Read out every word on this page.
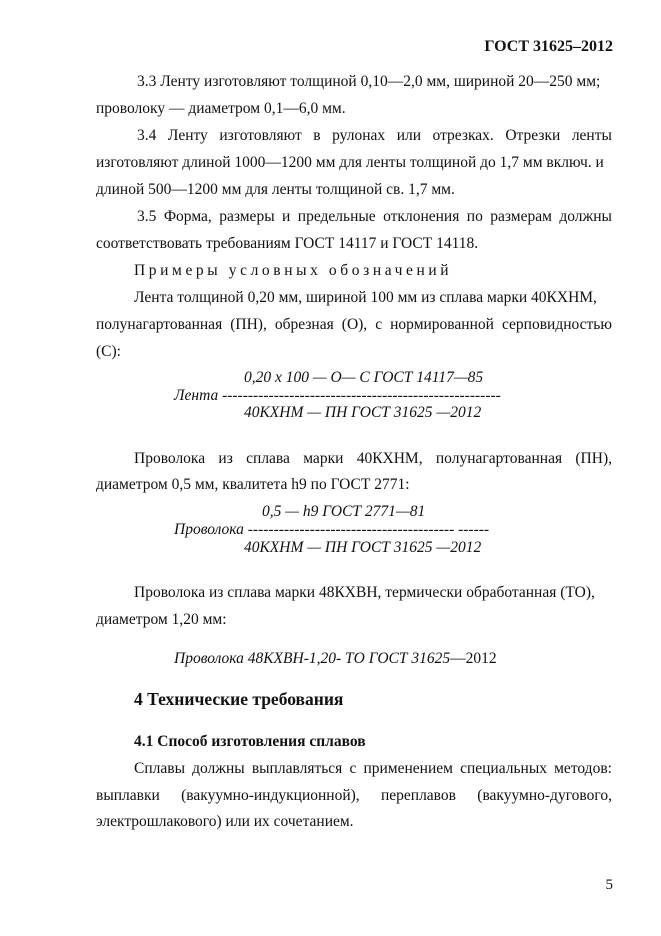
ГОСТ 31625–2012
3.3 Ленту изготовляют толщиной 0,10—2,0 мм, шириной 20—250 мм;
проволоку — диаметром 0,1—6,0 мм.
3.4 Ленту изготовляют в рулонах или отрезках. Отрезки ленты
изготовляют длиной 1000—1200 мм для ленты толщиной до 1,7 мм включ. и
длиной 500—1200 мм для ленты толщиной св. 1,7 мм.
3.5 Форма, размеры и предельные отклонения по размерам должны
соответствовать требованиям ГОСТ 14117 и ГОСТ 14118.
Примеры условных обозначений
Лента толщиной 0,20 мм, шириной 100 мм из сплава марки 40КХНМ,
полунагартованная (ПН), обрезная (О), с нормированной серповидностью
(С):
0,20 х 100 — О— С ГОСТ 14117—85
Лента ------------------------------------------------------
40КХНМ — ПН ГОСТ 31625 —2012
Проволока из сплава марки 40КХНМ, полунагартованная (ПН),
диаметром 0,5 мм, квалитета h9 по ГОСТ 2771:
0,5 — h9 ГОСТ 2771—81
Проволока ---------------------------------------- ------
40КХНМ — ПН ГОСТ 31625 —2012
Проволока из сплава марки 48КХВН, термически обработанная (ТО),
диаметром 1,20 мм:
Проволока 48КХВН-1,20- ТО ГОСТ 31625—2012
4 Технические требования
4.1 Способ изготовления сплавов
Сплавы должны выплавляться с применением специальных методов:
выплавки (вакуумно-индукционной), переплавов (вакуумно-дугового,
электрошлакового) или их сочетанием.
5
